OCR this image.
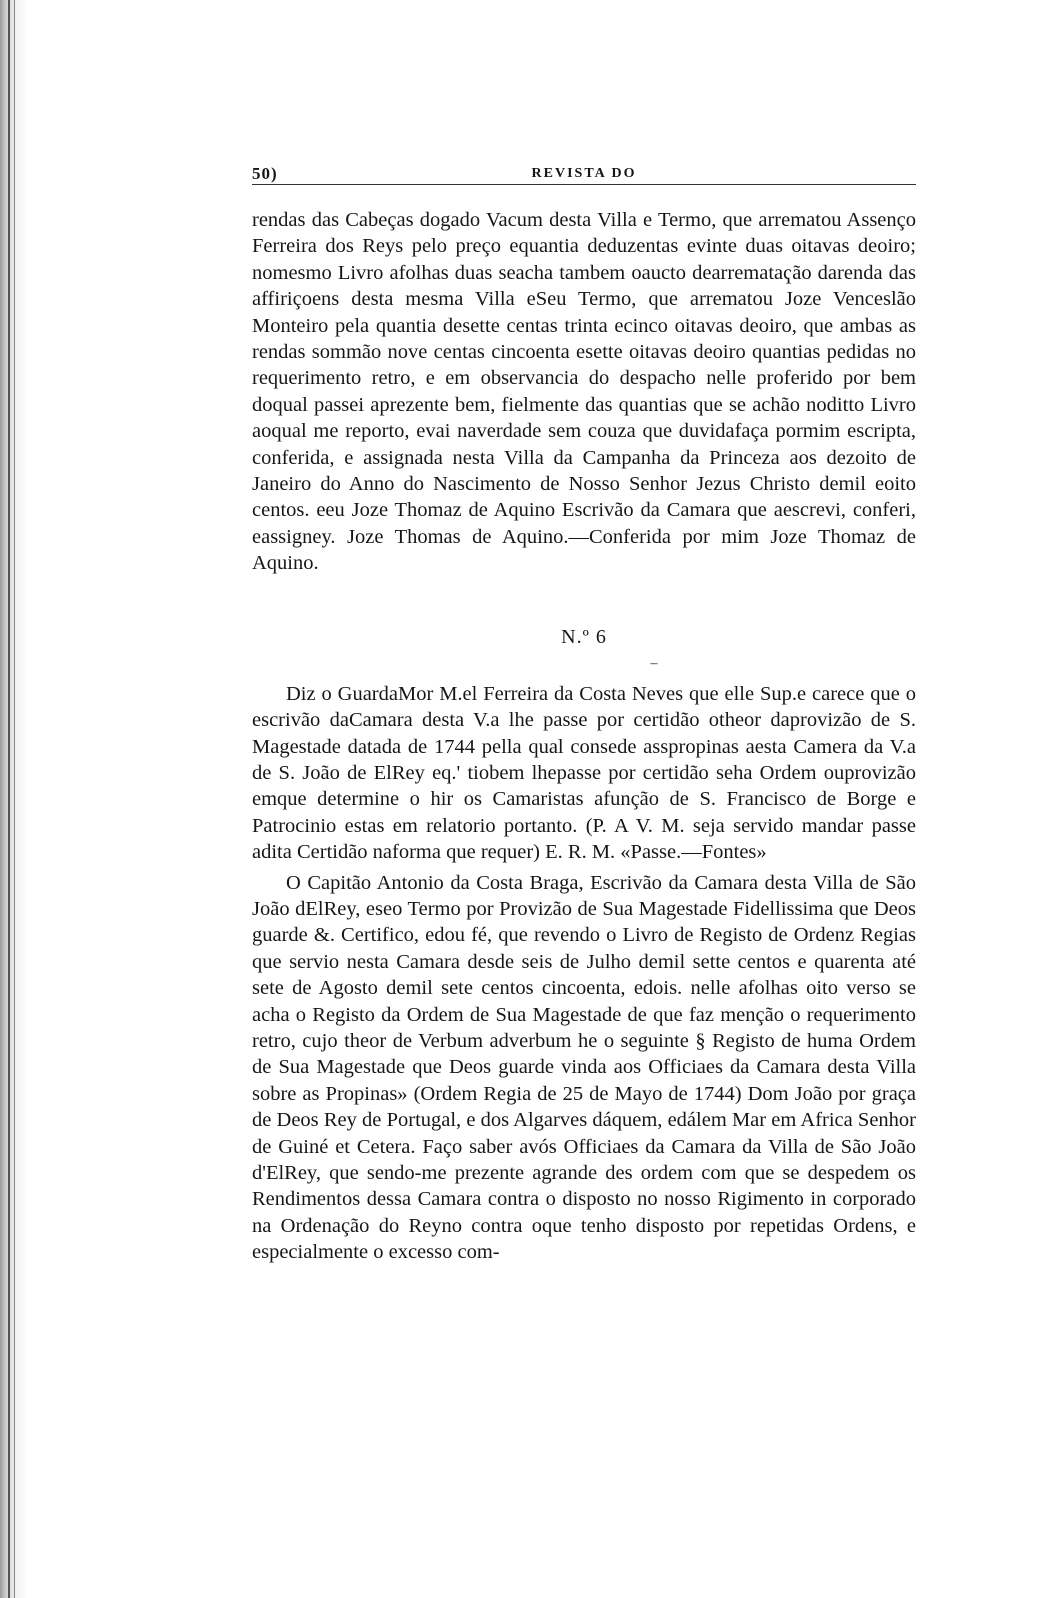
50)	REVISTA DO

rendas das Cabeças dogado Vacum desta Villa e Termo, que arrematou Assenço Ferreira dos Reys pelo preço equantia deduzentas evinte duas oitavas deoiro; nomesmo Livro afolhas duas seacha tambem oaucto dearremataҁão darenda das affiriçoens desta mesma Villa eSeu Termo, que arrematou Joze Venceslão Monteiro pela quantia desette centas trinta ecinco oitavas deoiro, que ambas as rendas sommão nove centas cincoenta esette oitavas deoiro quantias pedidas no requerimento retro, e em observancia do despacho nelle proferido por bem doqual passei aprezente bem, fielmente das quantias que se achão noditto Livro aoqual me reporto, evai naverdade sem couza que duvidafaça pormim escripta, conferida, e assignada nesta Villa da Campanha da Princeza aos dezoito de Janeiro do Anno do Nascimento de Nosso Senhor Jezus Christo demil eoito centos. eeu Joze Thomaz de Aquino Escrivão da Camara que aescrevi, conferi, eassigney. Joze Thomas de Aquino.—Conferida por mim Joze Thomaz de Aquino.

N.º 6

–

Diz o GuardaMor M.el Ferreira da Costa Neves que elle Sup.e carece que o escrivão daCamara desta V.a lhe passe por certidão otheor daprovizão de S. Magestade datada de 1744 pella qual consede asspropinas aesta Camera da V.a de S. João de ElRey eq.' tiobem lhepasse por certidão seha Ordem ouprovizão emque determine o hir os Camaristas afunção de S. Francisco de Borge e Patrocinio estas em relatorio portanto. (P. A V. M. seja servido mandar passe adita Certidão naforma que requer) E. R. M. «Passe.—Fontes»

O Capitão Antonio da Costa Braga, Escrivão da Camara desta Villa de São João dElRey, eseo Termo por Provizão de Sua Magestade Fidellissima que Deos guarde &. Certifico, edou fé, que revendo o Livro de Registo de Ordenz Regias que servio nesta Camara desde seis de Julho demil sette centos e quarenta até sete de Agosto demil sete centos cincoenta, edois. nelle afolhas oito verso se acha o Registo da Ordem de Sua Magestade de que faz menção o requerimento retro, cujo theor de Verbum adverbum he o seguinte § Registo de huma Ordem de Sua Magestade que Deos guarde vinda aos Officiaes da Camara desta Villa sobre as Propinas» (Ordem Regia de 25 de Mayo de 1744) Dom João por graça de Deos Rey de Portugal, e dos Algarves dáquem, edálem Mar em Africa Senhor de Guiné et Cetera. Faço saber avós Officiaes da Camara da Villa de São João d'ElRey, que sendo-me prezente agrande des ordem com que se despedem os Rendimentos dessa Camara contra o disposto no nosso Rigimento in corporado na Ordenação do Reyno contra oque tenho disposto por repetidas Ordens, e especialmente o excesso com-
